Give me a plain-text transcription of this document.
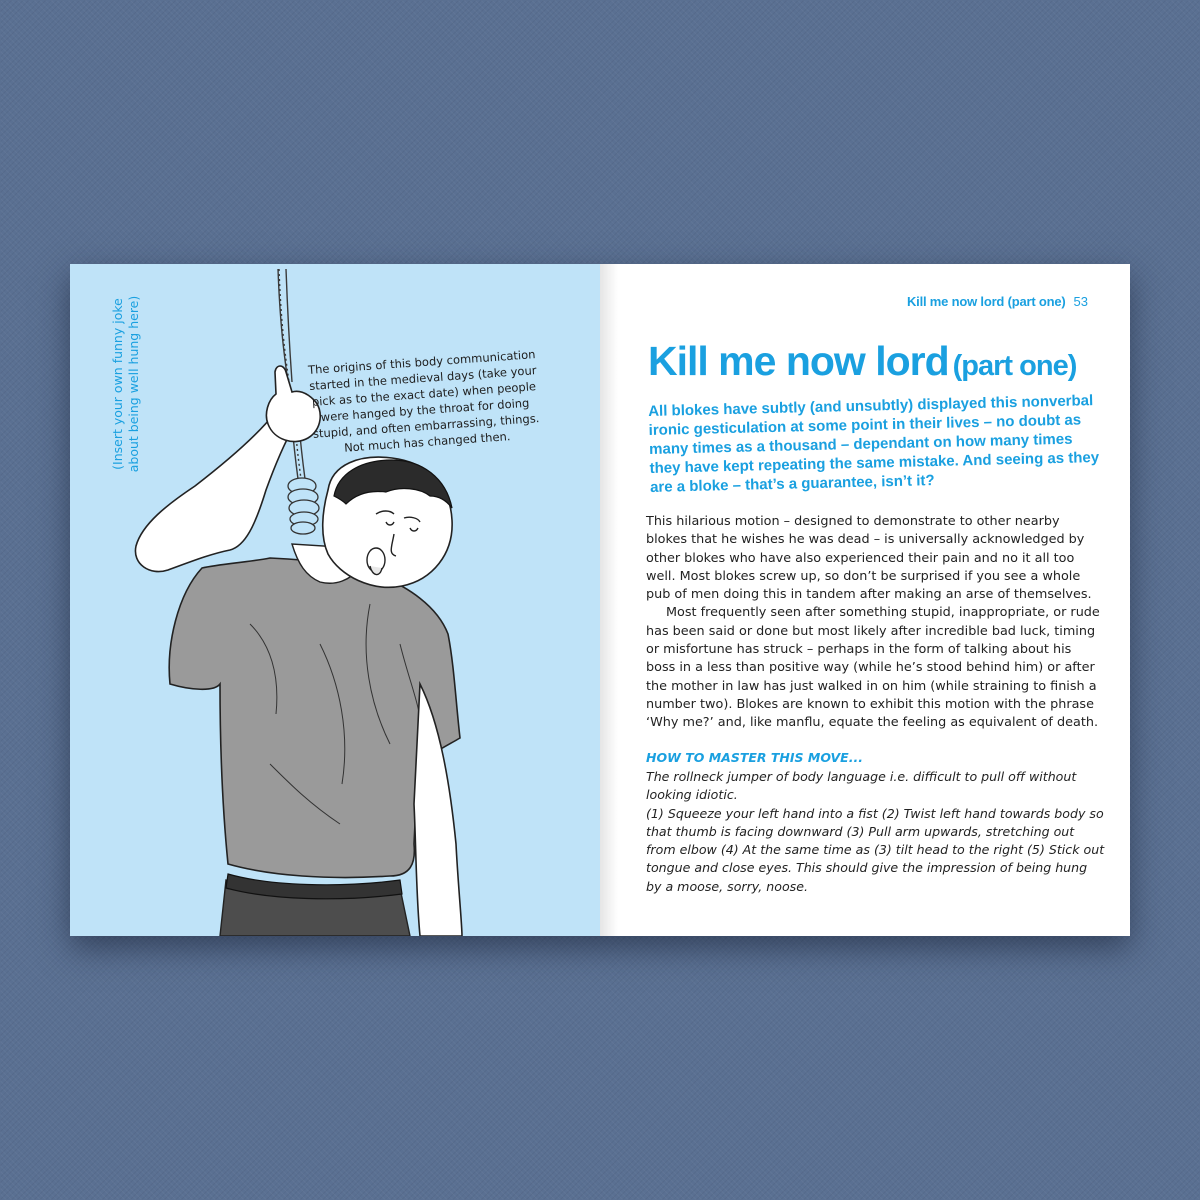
(Insert your own funny joke about being well hung here)	The origins of this body communication started in the medieval days (take your pick as to the exact date) when people were hanged by the throat for doing stupid, and often embarrassing, things. Not much has changed then.
Kill me now lord (part one) 53
Kill me now lord (part one)
All blokes have subtly (and unsubtly) displayed this nonverbal ironic gesticulation at some point in their lives – no doubt as many times as a thousand – dependant on how many times they have kept repeating the same mistake. And seeing as they are a bloke – that’s a guarantee, isn’t it?

This hilarious motion – designed to demonstrate to other nearby blokes that he wishes he was dead – is universally acknowledged by other blokes who have also experienced their pain and no it all too well. Most blokes screw up, so don’t be surprised if you see a whole pub of men doing this in tandem after making an arse of themselves.

Most frequently seen after something stupid, inappropriate, or rude has been said or done but most likely after incredible bad luck, timing or misfortune has struck – perhaps in the form of talking about his boss in a less than positive way (while he’s stood behind him) or after the mother in law has just walked in on him (while straining to finish a number two). Blokes are known to exhibit this motion with the phrase ‘Why me?’ and, like manflu, equate the feeling as equivalent of death.

HOW TO MASTER THIS MOVE...

The rollneck jumper of body language i.e. difficult to pull off without looking idiotic.

(1) Squeeze your left hand into a fist (2) Twist left hand towards body so that thumb is facing downward (3) Pull arm upwards, stretching out from elbow (4) At the same time as (3) tilt head to the right (5) Stick out tongue and close eyes. This should give the impression of being hung by a moose, sorry, noose.
